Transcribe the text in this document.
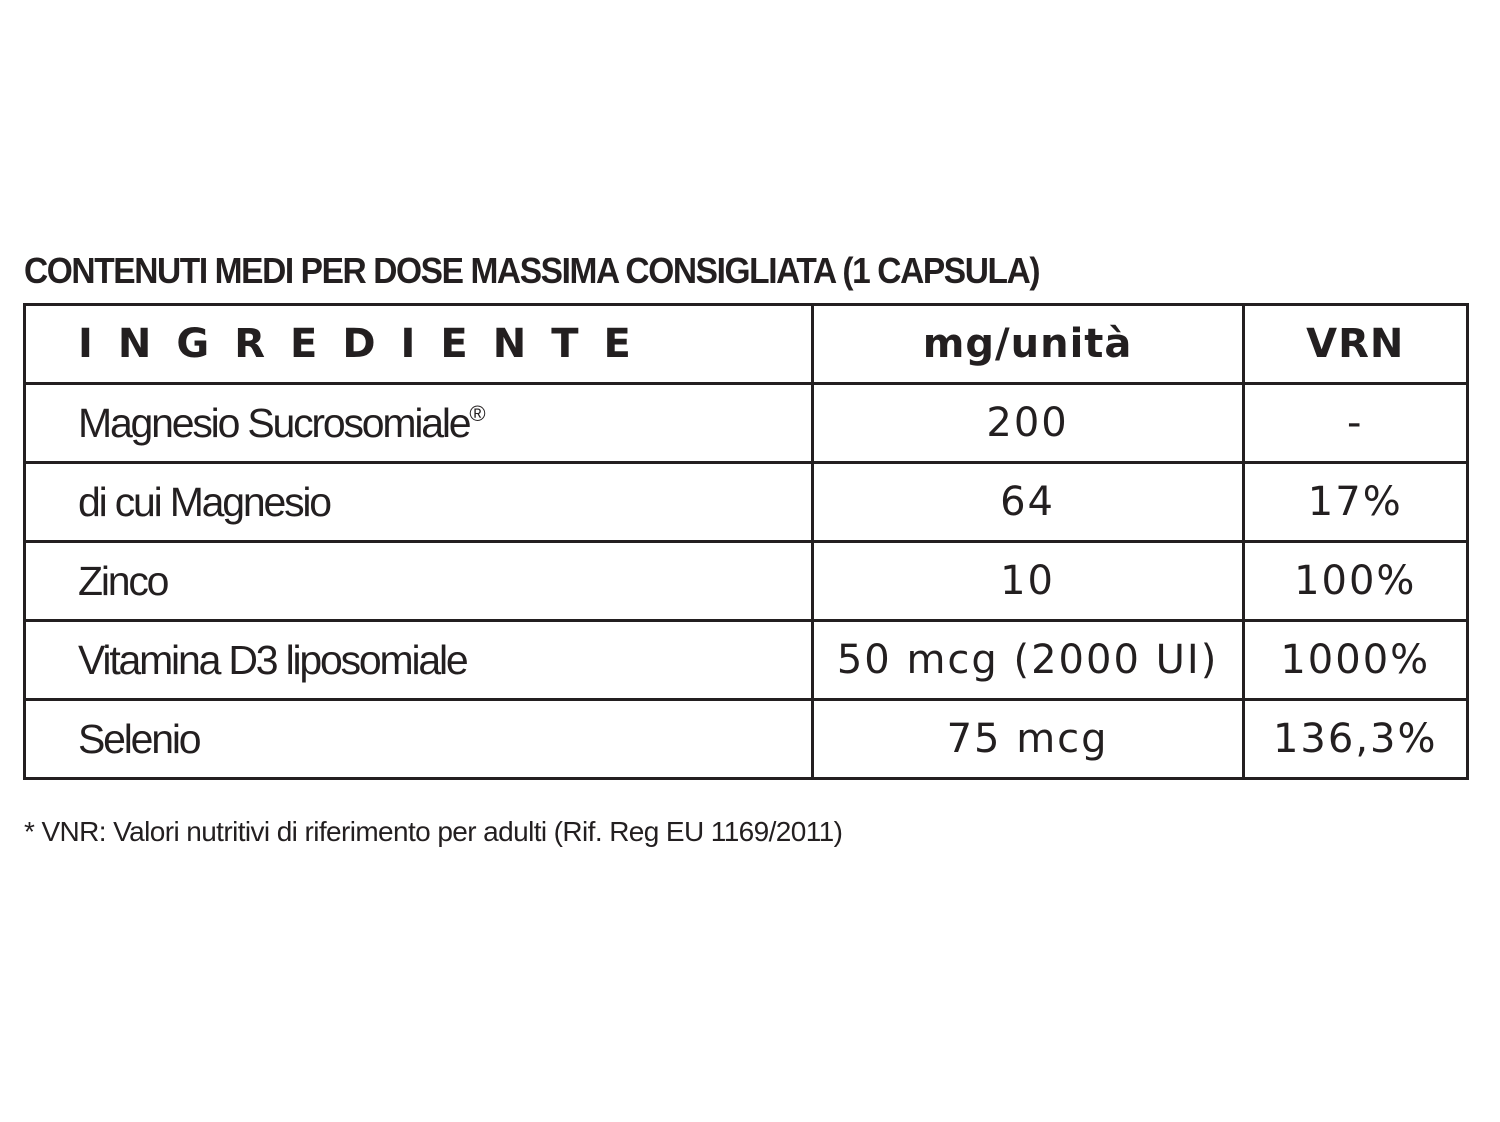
CONTENUTI MEDI PER DOSE MASSIMA CONSIGLIATA (1 CAPSULA)
INGREDIENTE	mg/unità	VRN
Magnesio Sucrosomiale®	200	-
di cui Magnesio	64	17%
Zinco	10	100%
Vitamina D3 liposomiale	50 mcg (2000 UI)	1000%
Selenio	75 mcg	136,3%
* VNR: Valori nutritivi di riferimento per adulti (Rif. Reg EU 1169/2011)
